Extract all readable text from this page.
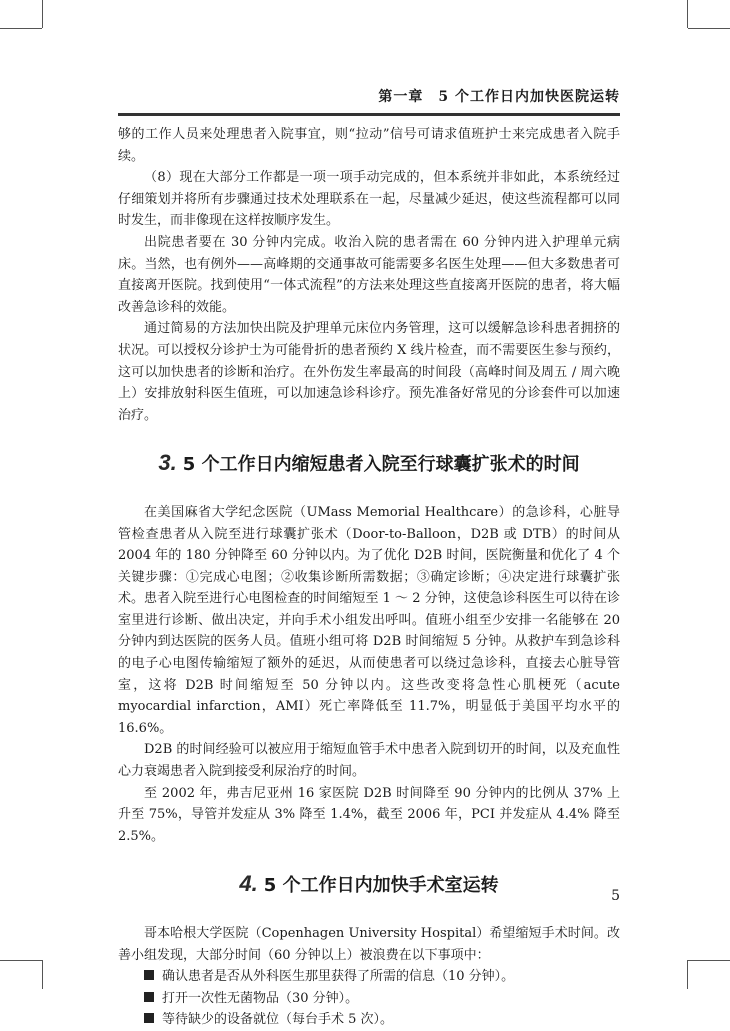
第一章　5 个工作日内加快医院运转

够的工作人员来处理患者入院事宜，则“拉动”信号可请求值班护士来完成患者入院手续。

（8）现在大部分工作都是一项一项手动完成的，但本系统并非如此，本系统经过仔细策划并将所有步骤通过技术处理联系在一起，尽量减少延迟，使这些流程都可以同时发生，而非像现在这样按顺序发生。

出院患者要在 30 分钟内完成。收治入院的患者需在 60 分钟内进入护理单元病床。当然，也有例外——高峰期的交通事故可能需要多名医生处理——但大多数患者可直接离开医院。找到使用“一体式流程”的方法来处理这些直接离开医院的患者，将大幅改善急诊科的效能。

通过简易的方法加快出院及护理单元床位内务管理，这可以缓解急诊科患者拥挤的状况。可以授权分诊护士为可能骨折的患者预约 X 线片检查，而不需要医生参与预约，这可以加快患者的诊断和治疗。在外伤发生率最高的时间段（高峰时间及周五 / 周六晚上）安排放射科医生值班，可以加速急诊科诊疗。预先准备好常见的分诊套件可以加速治疗。

3. 5 个工作日内缩短患者入院至行球囊扩张术的时间

在美国麻省大学纪念医院（UMass Memorial Healthcare）的急诊科，心脏导管检查患者从入院至进行球囊扩张术（Door-to-Balloon，D2B 或 DTB）的时间从 2004 年的 180 分钟降至 60 分钟以内。为了优化 D2B 时间，医院衡量和优化了 4 个关键步骤：①完成心电图；②收集诊断所需数据；③确定诊断；④决定进行球囊扩张术。患者入院至进行心电图检查的时间缩短至 1 ～ 2 分钟，这使急诊科医生可以待在诊室里进行诊断、做出决定，并向手术小组发出呼叫。值班小组至少安排一名能够在 20 分钟内到达医院的医务人员。值班小组可将 D2B 时间缩短 5 分钟。从救护车到急诊科的电子心电图传输缩短了额外的延迟，从而使患者可以绕过急诊科，直接去心脏导管室，这将 D2B 时间缩短至 50 分钟以内。这些改变将急性心肌梗死（acute myocardial infarction，AMI）死亡率降低至 11.7%，明显低于美国平均水平的 16.6%。

D2B 的时间经验可以被应用于缩短血管手术中患者入院到切开的时间，以及充血性心力衰竭患者入院到接受利尿治疗的时间。

至 2002 年，弗吉尼亚州 16 家医院 D2B 时间降至 90 分钟内的比例从 37% 上升至 75%，导管并发症从 3% 降至 1.4%，截至 2006 年，PCI 并发症从 4.4% 降至 2.5%。

4. 5 个工作日内加快手术室运转

哥本哈根大学医院（Copenhagen University Hospital）希望缩短手术时间。改善小组发现，大部分时间（60 分钟以上）被浪费在以下事项中：

确认患者是否从外科医生那里获得了所需的信息（10 分钟）。
打开一次性无菌物品（30 分钟）。
等待缺少的设备就位（每台手术 5 次）。
5
